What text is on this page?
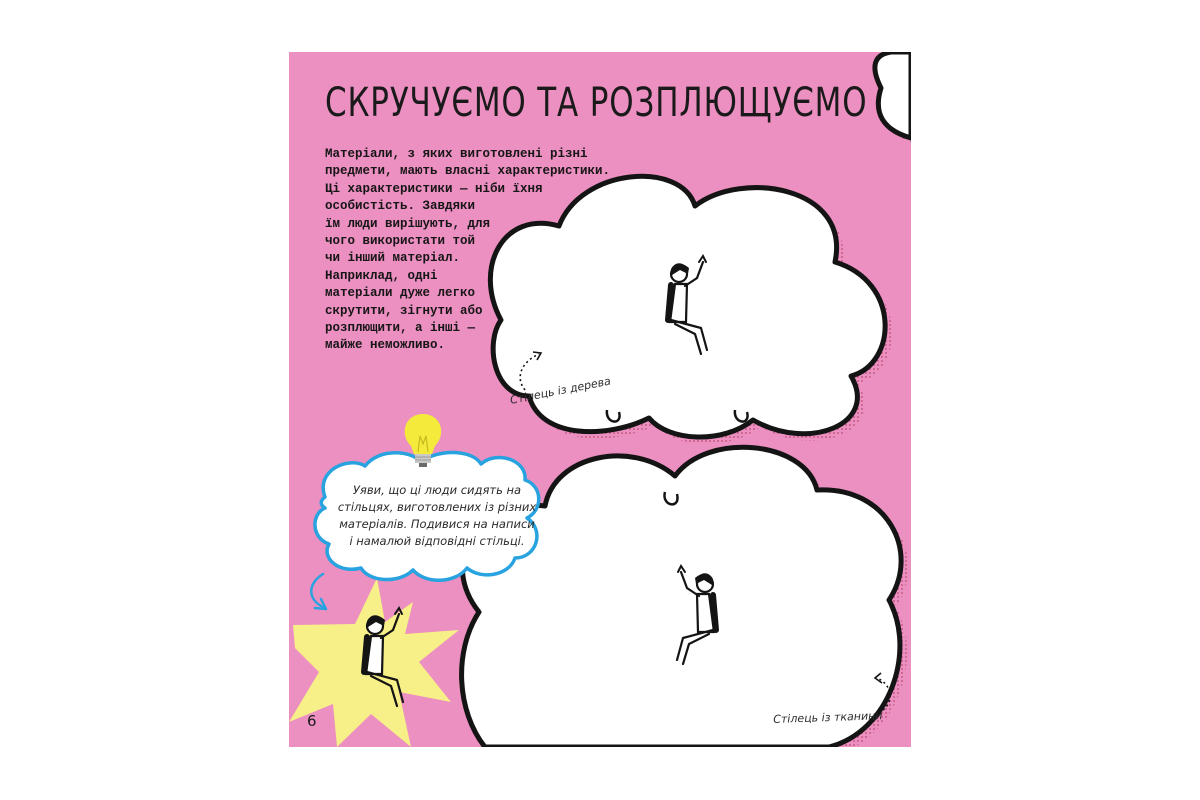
СКРУЧУЄМО ТА РОЗПЛЮЩУЄМО
Матеріали, з яких виготовлені різні
предмети, мають власні характеристики.
Ці характеристики — ніби їхня
особистість. Завдяки
їм люди вирішують, для
чого використати той
чи інший матеріал.
Наприклад, одні
матеріали дуже легко
скрутити, зігнути або
розплющити, а інші —
майже неможливо.
Уяви, що ці люди сидять на
стільцях, виготовлених із різних
матеріалів. Подивися на написи
і намалюй відповідні стільці.
Стілець із дерева
Стілець із тканини
6
